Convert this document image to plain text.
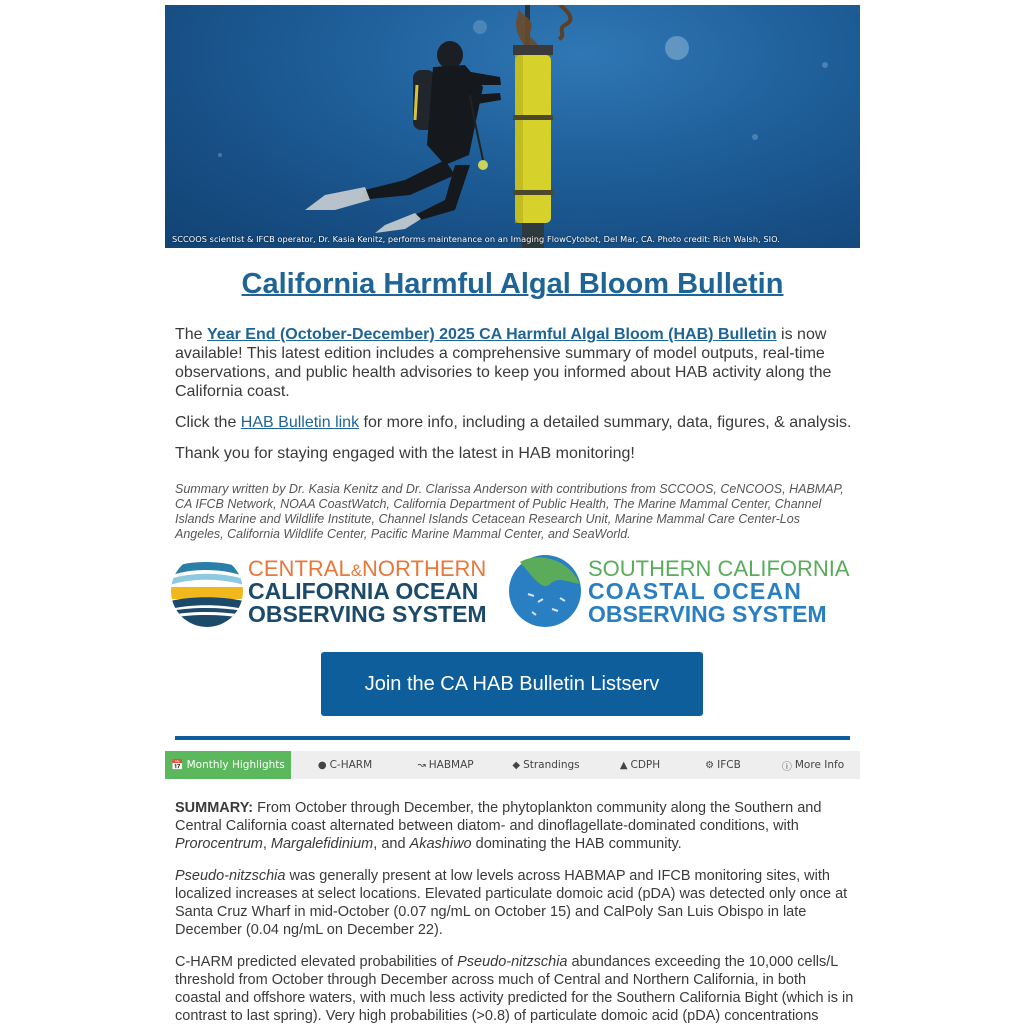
SCCOOS scientist & IFCB operator, Dr. Kasia Kenitz, performs maintenance on an Imaging FlowCytobot, Del Mar, CA. Photo credit: Rich Walsh, SIO.
California Harmful Algal Bloom Bulletin

The Year End (October-December) 2025 CA Harmful Algal Bloom (HAB) Bulletin is now available! This latest edition includes a comprehensive summary of model outputs, real-time observations, and public health advisories to keep you informed about HAB activity along the California coast.

Click the HAB Bulletin link for more info, including a detailed summary, data, figures, & analysis.

Thank you for staying engaged with the latest in HAB monitoring!

Summary written by Dr. Kasia Kenitz and Dr. Clarissa Anderson with contributions from SCCOOS, CeNCOOS, HABMAP, CA IFCB Network, NOAA CoastWatch, California Department of Public Health, The Marine Mammal Center, Channel Islands Marine and Wildlife Institute, Channel Islands Cetacean Research Unit, Marine Mammal Care Center-Los Angeles, California Wildlife Center, Pacific Marine Mammal Center, and SeaWorld.

CENTRAL&NORTHERN
CALIFORNIA OCEAN
OBSERVING SYSTEM
SOUTHERN CALIFORNIA
COASTAL OCEAN
OBSERVING SYSTEM
Join the CA HAB Bulletin Listserv
📅 Monthly Highlights	● C-HARM	↝ HABMAP	◆ Strandings	▲ CDPH	⚙ IFCB	ⓘ More Info

SUMMARY: From October through December, the phytoplankton community along the Southern and Central California coast alternated between diatom- and dinoflagellate-dominated conditions, with Prorocentrum, Margalefidinium, and Akashiwo dominating the HAB community.

Pseudo-nitzschia was generally present at low levels across HABMAP and IFCB monitoring sites, with localized increases at select locations. Elevated particulate domoic acid (pDA) was detected only once at Santa Cruz Wharf in mid-October (0.07 ng/mL on October 15) and CalPoly San Luis Obispo in late December (0.04 ng/mL on December 22).

C-HARM predicted elevated probabilities of Pseudo-nitzschia abundances exceeding the 10,000 cells/L threshold from October through December across much of Central and Northern California, in both coastal and offshore waters, with much less activity predicted for the Southern California Bight (which is in contrast to last spring). Very high probabilities (>0.8) of particulate domoic acid (pDA) concentrations
